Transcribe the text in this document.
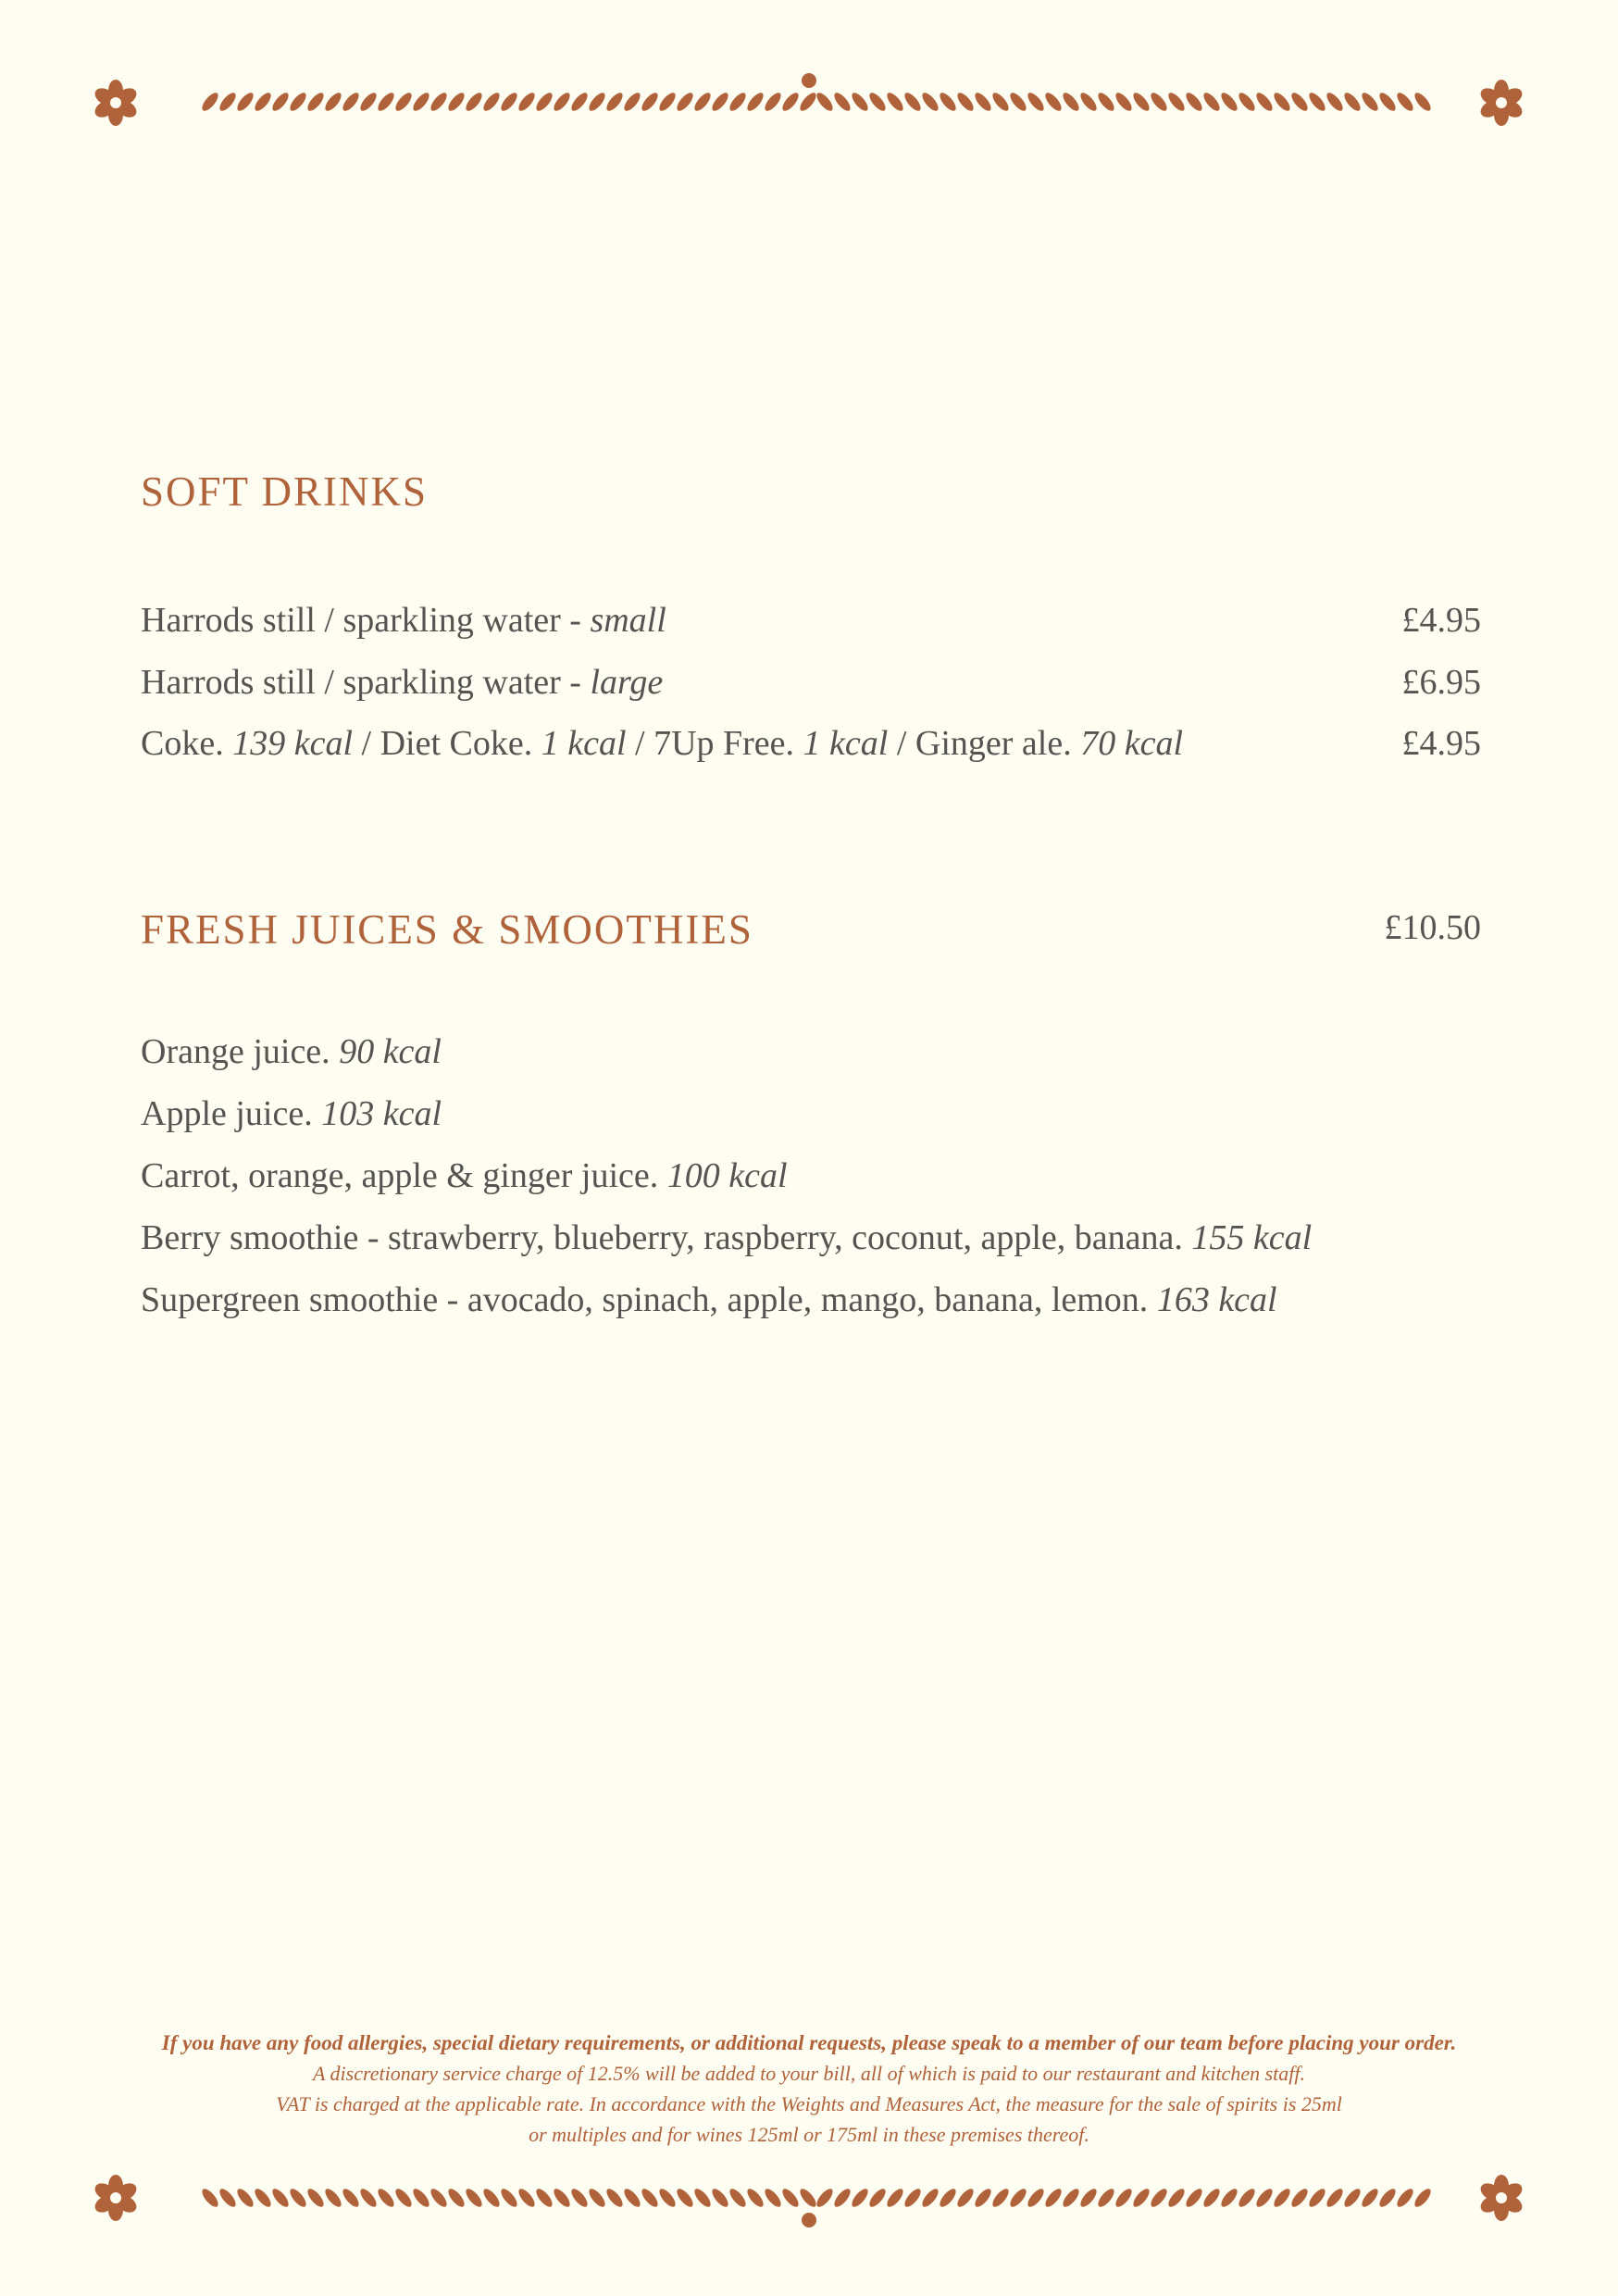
SOFT DRINKS
Harrods still / sparkling water - small	£4.95
Harrods still / sparkling water - large	£6.95
Coke. 139 kcal / Diet Coke. 1 kcal / 7Up Free. 1 kcal / Ginger ale. 70 kcal	£4.95
FRESH JUICES & SMOOTHIES	£10.50
Orange juice. 90 kcal
Apple juice. 103 kcal
Carrot, orange, apple & ginger juice. 100 kcal
Berry smoothie - strawberry, blueberry, raspberry, coconut, apple, banana. 155 kcal
Supergreen smoothie - avocado, spinach, apple, mango, banana, lemon. 163 kcal
If you have any food allergies, special dietary requirements, or additional requests, please speak to a member of our team before placing your order.
A discretionary service charge of 12.5% will be added to your bill, all of which is paid to our restaurant and kitchen staff.
VAT is charged at the applicable rate. In accordance with the Weights and Measures Act, the measure for the sale of spirits is 25ml
or multiples and for wines 125ml or 175ml in these premises thereof.
